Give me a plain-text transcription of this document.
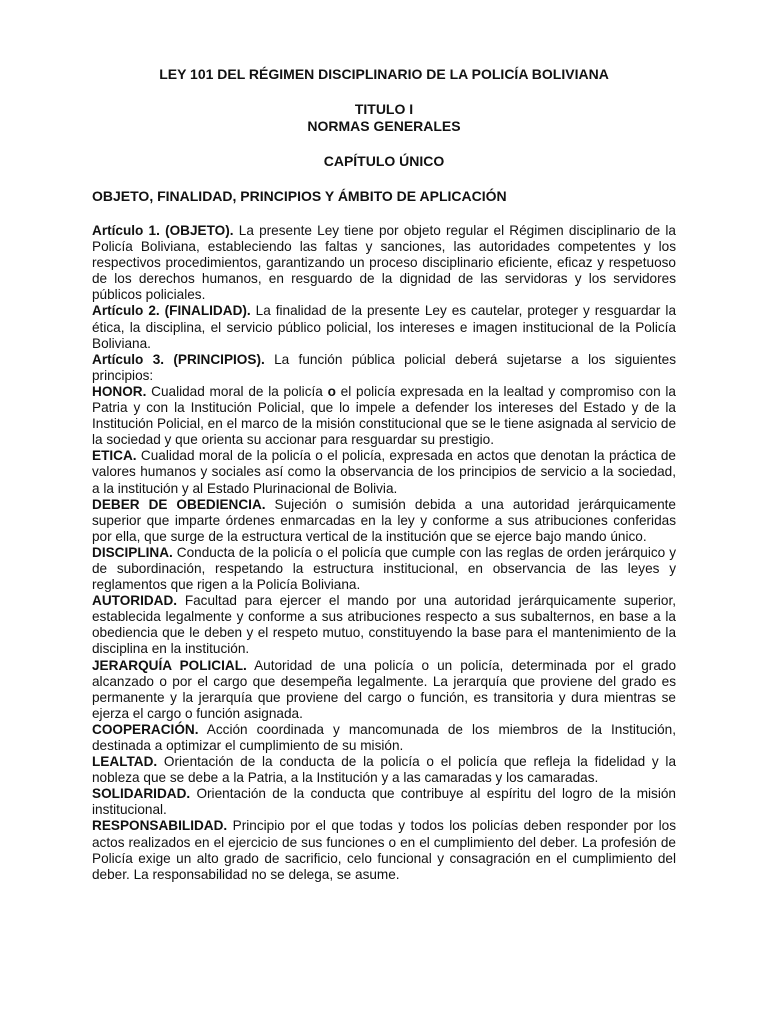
LEY 101 DEL RÉGIMEN DISCIPLINARIO DE LA POLICÍA BOLIVIANA

TITULO I

NORMAS GENERALES

CAPÍTULO ÚNICO

OBJETO, FINALIDAD, PRINCIPIOS Y ÁMBITO DE APLICACIÓN

Artículo 1. (OBJETO). La presente Ley tiene por objeto regular el Régimen disciplinario de la Policía Boliviana, estableciendo las faltas y sanciones, las autoridades competentes y los respectivos procedimientos, garantizando un proceso disciplinario eficiente, eficaz y respetuoso de los derechos humanos, en resguardo de la dignidad de las servidoras y los servidores públicos policiales.

Artículo 2. (FINALIDAD). La finalidad de la presente Ley es cautelar, proteger y resguardar la ética, la disciplina, el servicio público policial, los intereses e imagen institucional de la Policía Boliviana.

Artículo 3. (PRINCIPIOS). La función pública policial deberá sujetarse a los siguientes principios:

HONOR. Cualidad moral de la policía o el policía expresada en la lealtad y compromiso con la Patria y con la Institución Policial, que lo impele a defender los intereses del Estado y de la Institución Policial, en el marco de la misión constitucional que se le tiene asignada al servicio de la sociedad y que orienta su accionar para resguardar su prestigio.

ETICA. Cualidad moral de la policía o el policía, expresada en actos que denotan la práctica de valores humanos y sociales así como la observancia de los principios de servicio a la sociedad, a la institución y al Estado Plurinacional de Bolivia.

DEBER DE OBEDIENCIA. Sujeción o sumisión debida a una autoridad jerárquicamente superior que imparte órdenes enmarcadas en la ley y conforme a sus atribuciones conferidas por ella, que surge de la estructura vertical de la institución que se ejerce bajo mando único.

DISCIPLINA. Conducta de la policía o el policía que cumple con las reglas de orden jerárquico y de subordinación, respetando la estructura institucional, en observancia de las leyes y reglamentos que rigen a la Policía Boliviana.

AUTORIDAD. Facultad para ejercer el mando por una autoridad jerárquicamente superior, establecida legalmente y conforme a sus atribuciones respecto a sus subalternos, en base a la obediencia que le deben y el respeto mutuo, constituyendo la base para el mantenimiento de la disciplina en la institución.

JERARQUÍA POLICIAL. Autoridad de una policía o un policía, determinada por el grado alcanzado o por el cargo que desempeña legalmente. La jerarquía que proviene del grado es permanente y la jerarquía que proviene del cargo o función, es transitoria y dura mientras se ejerza el cargo o función asignada.

COOPERACIÓN. Acción coordinada y mancomunada de los miembros de la Institución, destinada a optimizar el cumplimiento de su misión.

LEALTAD. Orientación de la conducta de la policía o el policía que refleja la fidelidad y la nobleza que se debe a la Patria, a la Institución y a las camaradas y los camaradas.

SOLIDARIDAD. Orientación de la conducta que contribuye al espíritu del logro de la misión institucional.

RESPONSABILIDAD. Principio por el que todas y todos los policías deben responder por los actos realizados en el ejercicio de sus funciones o en el cumplimiento del deber. La profesión de Policía exige un alto grado de sacrificio, celo funcional y consagración en el cumplimiento del deber. La responsabilidad no se delega, se asume.
